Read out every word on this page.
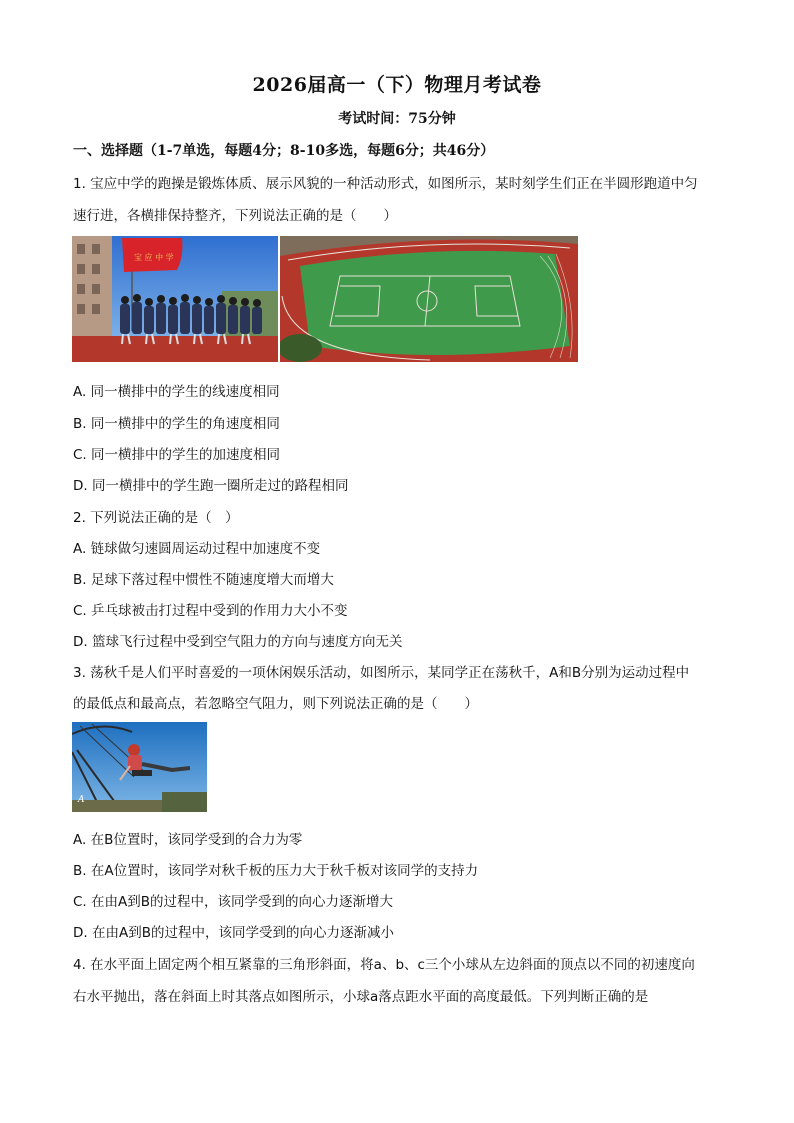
2026届高一（下）物理月考试卷
考试时间：75分钟
一、选择题（1-7单选，每题4分；8-10多选，每题6分；共46分）
1. 宝应中学的跑操是锻炼体质、展示风貌的一种活动形式，如图所示，某时刻学生们正在半圆形跑道中匀
速行进，各横排保持整齐，下列说法正确的是（　　）
宝 应 中 学
A. 同一横排中的学生的线速度相同
B. 同一横排中的学生的角速度相同
C. 同一横排中的学生的加速度相同
D. 同一横排中的学生跑一圈所走过的路程相同
2. 下列说法正确的是（　）
A. 链球做匀速圆周运动过程中加速度不变
B. 足球下落过程中惯性不随速度增大而增大
C. 乒乓球被击打过程中受到的作用力大小不变
D. 篮球飞行过程中受到空气阻力的方向与速度方向无关
3. 荡秋千是人们平时喜爱的一项休闲娱乐活动，如图所示，某同学正在荡秋千，A和B分别为运动过程中
的最低点和最高点，若忽略空气阻力，则下列说法正确的是（　　）
A
A. 在B位置时，该同学受到的合力为零
B. 在A位置时，该同学对秋千板的压力大于秋千板对该同学的支持力
C. 在由A到B的过程中，该同学受到的向心力逐渐增大
D. 在由A到B的过程中，该同学受到的向心力逐渐减小
4. 在水平面上固定两个相互紧靠的三角形斜面，将a、b、c三个小球从左边斜面的顶点以不同的初速度向
右水平抛出，落在斜面上时其落点如图所示，小球a落点距水平面的高度最低。下列判断正确的是
